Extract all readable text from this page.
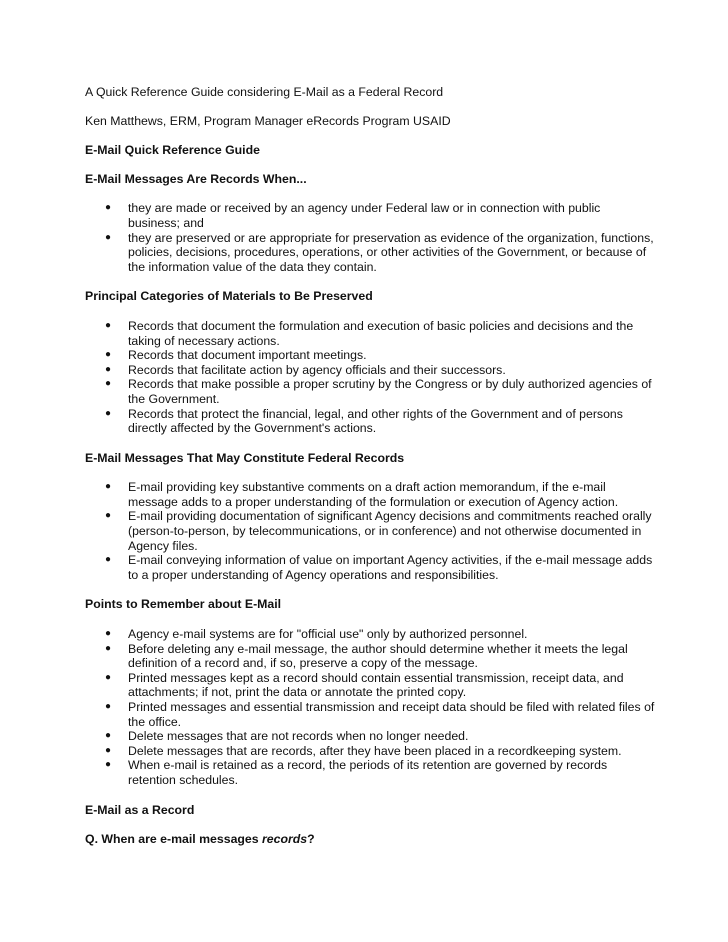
A Quick Reference Guide considering E-Mail as a Federal Record

Ken Matthews, ERM, Program Manager eRecords Program USAID

E-Mail Quick Reference Guide

E-Mail Messages Are Records When...

● they are made or received by an agency under Federal law or in connection with public business; and
● they are preserved or are appropriate for preservation as evidence of the organization, functions, policies, decisions, procedures, operations, or other activities of the Government, or because of the information value of the data they contain.

Principal Categories of Materials to Be Preserved

● Records that document the formulation and execution of basic policies and decisions and the taking of necessary actions.
● Records that document important meetings.
● Records that facilitate action by agency officials and their successors.
● Records that make possible a proper scrutiny by the Congress or by duly authorized agencies of the Government.
● Records that protect the financial, legal, and other rights of the Government and of persons directly affected by the Government's actions.

E-Mail Messages That May Constitute Federal Records

● E-mail providing key substantive comments on a draft action memorandum, if the e-mail message adds to a proper understanding of the formulation or execution of Agency action.
● E-mail providing documentation of significant Agency decisions and commitments reached orally (person-to-person, by telecommunications, or in conference) and not otherwise documented in Agency files.
● E-mail conveying information of value on important Agency activities, if the e-mail message adds to a proper understanding of Agency operations and responsibilities.

Points to Remember about E-Mail

● Agency e-mail systems are for "official use" only by authorized personnel.
● Before deleting any e-mail message, the author should determine whether it meets the legal definition of a record and, if so, preserve a copy of the message.
● Printed messages kept as a record should contain essential transmission, receipt data, and attachments; if not, print the data or annotate the printed copy.
● Printed messages and essential transmission and receipt data should be filed with related files of the office.
● Delete messages that are not records when no longer needed.
● Delete messages that are records, after they have been placed in a recordkeeping system.
● When e-mail is retained as a record, the periods of its retention are governed by records retention schedules.

E-Mail as a Record

Q. When are e-mail messages records?
